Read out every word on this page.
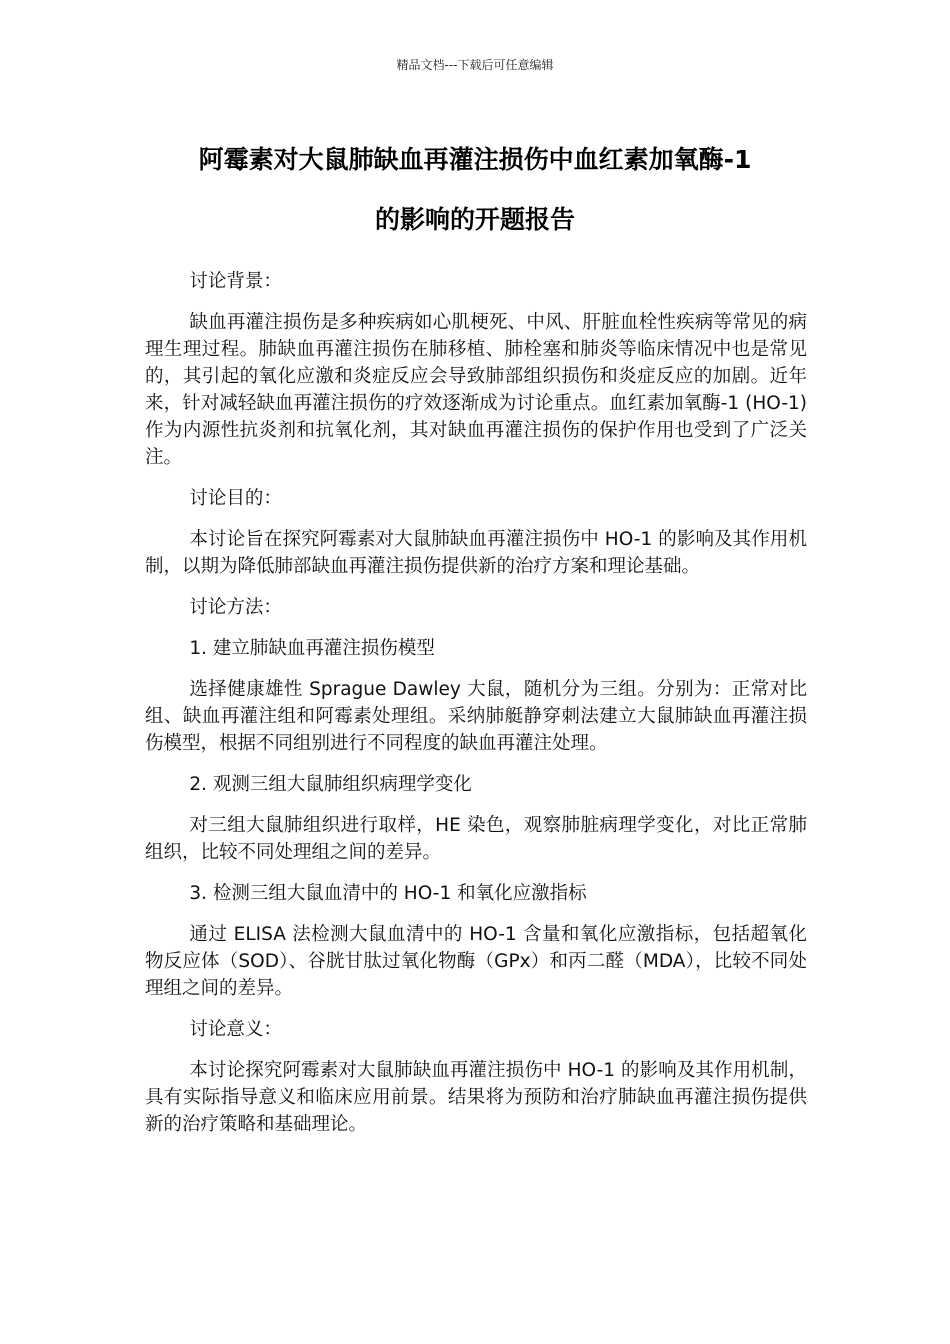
精品文档---下载后可任意编辑
阿霉素对大鼠肺缺血再灌注损伤中血红素加氧酶-1
的影响的开题报告

讨论背景：

缺血再灌注损伤是多种疾病如心肌梗死、中风、肝脏血栓性疾病等常见的病理生理过程。肺缺血再灌注损伤在肺移植、肺栓塞和肺炎等临床情况中也是常见的，其引起的氧化应激和炎症反应会导致肺部组织损伤和炎症反应的加剧。近年来，针对减轻缺血再灌注损伤的疗效逐渐成为讨论重点。血红素加氧酶-1 (HO-1) 作为内源性抗炎剂和抗氧化剂，其对缺血再灌注损伤的保护作用也受到了广泛关注。

讨论目的：

本讨论旨在探究阿霉素对大鼠肺缺血再灌注损伤中 HO-1 的影响及其作用机制，以期为降低肺部缺血再灌注损伤提供新的治疗方案和理论基础。

讨论方法：

1. 建立肺缺血再灌注损伤模型

选择健康雄性 Sprague Dawley 大鼠，随机分为三组。分别为：正常对比组、缺血再灌注组和阿霉素处理组。采纳肺艇静穿刺法建立大鼠肺缺血再灌注损伤模型，根据不同组别进行不同程度的缺血再灌注处理。

2. 观测三组大鼠肺组织病理学变化

对三组大鼠肺组织进行取样，HE 染色，观察肺脏病理学变化，对比正常肺组织，比较不同处理组之间的差异。

3. 检测三组大鼠血清中的 HO-1 和氧化应激指标

通过 ELISA 法检测大鼠血清中的 HO-1 含量和氧化应激指标，包括超氧化物反应体（SOD）、谷胱甘肽过氧化物酶（GPx）和丙二醛（MDA），比较不同处理组之间的差异。

讨论意义：

本讨论探究阿霉素对大鼠肺缺血再灌注损伤中 HO-1 的影响及其作用机制，具有实际指导意义和临床应用前景。结果将为预防和治疗肺缺血再灌注损伤提供新的治疗策略和基础理论。
